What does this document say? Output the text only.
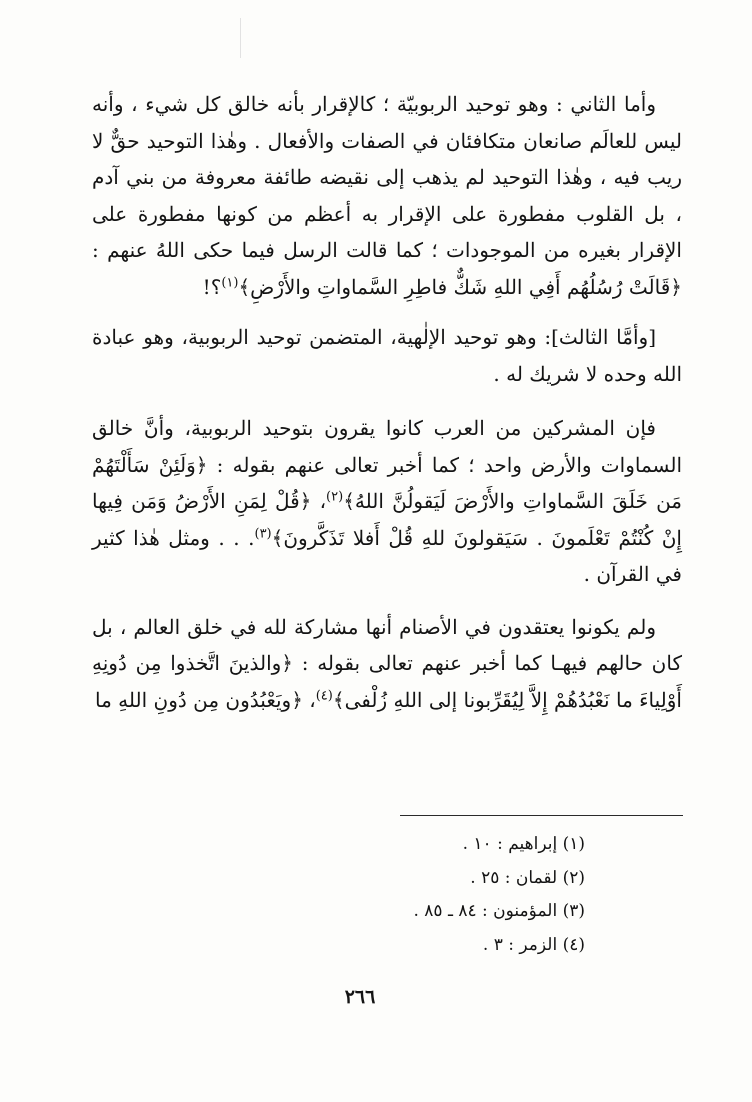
وأما الثاني : وهو توحيد الربوبيّة ؛ كالإقرار بأنه خالق كل شيء ، وأنه ليس للعالَم صانعان متكافئان في الصفات والأفعال . وهٰذا التوحيد حقٌّ لا ريب فيه ، وهٰذا التوحيد لم يذهب إلى نقيضه طائفة معروفة من بني آدم ، بل القلوب مفطورة على الإقرار به أعظم من كونها مفطورة على الإقرار بغيره من الموجودات ؛ كما قالت الرسل فيما حكى اللهُ عنهم : ﴿قَالَتْ رُسُلُهُم أَفِي اللهِ شَكٌّ فاطِرِ السَّماواتِ والأَرْضِ﴾$^{(١)}$؟!

[وأمَّا الثالث]: وهو توحيد الإلٰهية، المتضمن توحيد الربوبية، وهو عبادة الله وحده لا شريك له .

فإن المشركين من العرب كانوا يقرون بتوحيد الربوبية، وأنَّ خالق السماوات والأرض واحد ؛ كما أخبر تعالى عنهم بقوله : ﴿وَلَئِنْ سَأَلْتَهُمْ مَن خَلَقَ السَّماواتِ والأَرْضَ لَيَقولُنَّ اللهُ﴾$^{(٢)}$، ﴿قُلْ لِمَنِ الأَرْضُ وَمَن فِيها إِنْ كُنْتُمْ تَعْلَمونَ . سَيَقولونَ للهِ قُلْ أَفلا تَذَكَّرونَ﴾$^{(٣)}$. . . ومثل هٰذا كثير في القرآن .

ولم يكونوا يعتقدون في الأصنام أنها مشاركة لله في خلق العالم ، بل كان حالهم فيهـا كما أخبر عنهم تعالى بقوله : ﴿والذينَ اتَّخذوا مِن دُونِهِ أَوْلِياءَ ما نَعْبُدُهُمْ إِلاَّ لِيُقَرِّبونا إلى اللهِ زُلْفى﴾$^{(٤)}$، ﴿ويَعْبُدُون مِن دُونِ اللهِ ما

(١) إبراهيم : ١٠ .
(٢) لقمان : ٢٥ .
(٣) المؤمنون : ٨٤ ـ ٨٥ .
(٤) الزمر : ٣ .
٢٦٦
